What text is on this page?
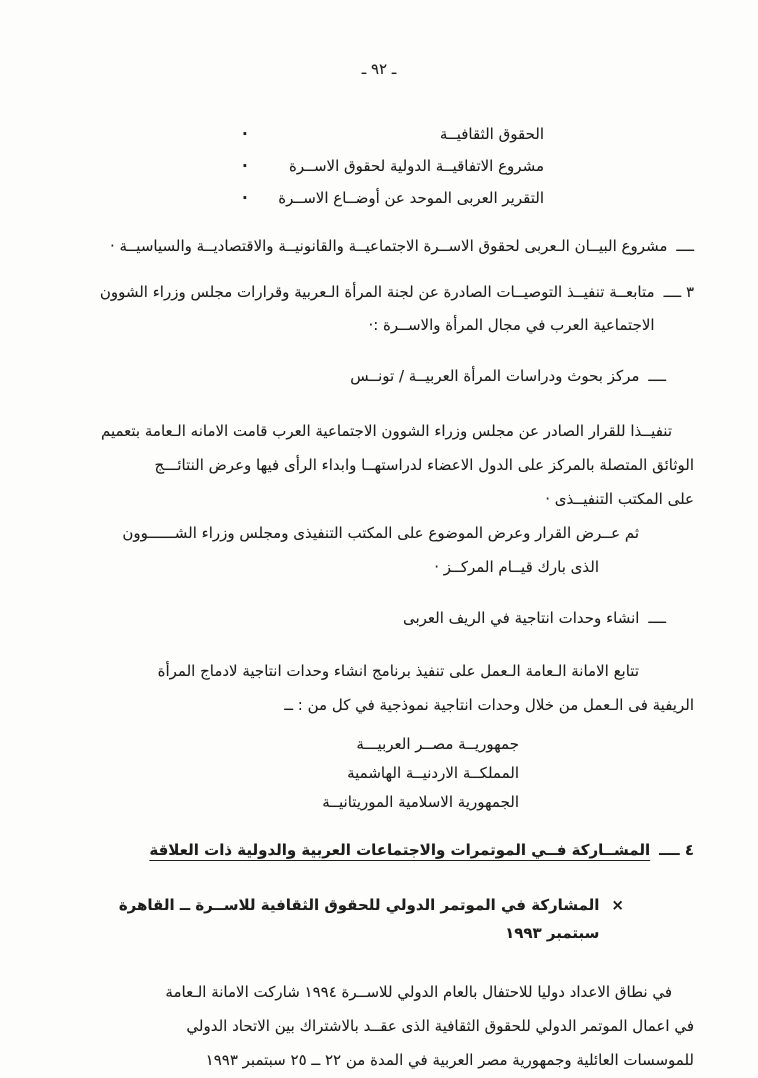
ـ ٩٢ ـ
الحقوق الثقافيــة
·
مشروع الاتفاقيــة الدولية لحقوق الاســرة
·
التقرير العربى الموحد عن أوضــاع الاســرة
·
ــــ
مشروع البيــان الـعربى لحقوق الاســرة الاجتماعيــة والقانونيــة والاقتصاديــة والسياسيــة ·
٣ ــــ
متابعــة تنفيــذ التوصيــات الصادرة عن لجنة المرأة الـعربية وقرارات مجلس وزراء الشوون
الاجتماعية العرب في مجال المرأة والاســرة :·
ــــ
مركز بحوث ودراسات المرأة العربيــة / تونــس
تنفيــذا للقرار الصادر عن مجلس وزراء الشوون الاجتماعية العرب قامت الامانه الـعامة بتعميم
الوثائق المتصلة بالمركز على الدول الاعضاء لدراستهــا وابداء الرأى فيها وعرض النتائـــج
على المكتب التنفيــذى ·
ثم عــرض القرار وعرض الموضوع على المكتب التنفيذى ومجلس وزراء الشــــــوون
الذى بارك قيــام المركــز ·
ــــ
انشاء وحدات انتاجية في الريف العربى
تتابع الامانة الـعامة الـعمل على تنفيذ برنامج انشاء وحدات انتاجية لادماج المرأة
الريفية فى الـعمل من خلال وحدات انتاجية نموذجية في كل من : ــ
جمهوريــة مصــر العربيـــة
المملكــة الاردنيــة الهاشمية
الجمهورية الاسلامية الموريتانيــة
٤ ــــ
المشــاركة فــي الموتمرات والاجتماعات العربية والدولية ذات العلاقة
×
المشاركة في الموتمر الدولي للحقوق الثقافية للاســرة ــ القاهرة سبتمبر ١٩٩٣
في نطاق الاعداد دوليا للاحتفال بالعام الدولي للاســرة ١٩٩٤ شاركت الامانة الـعامة
في اعمال الموتمر الدولي للحقوق الثقافية الذى عقــد بالاشتراك بين الاتحاد الدولي
للموسسات العائلية وجمهورية مصر العربية في المدة من ٢٢ ــ ٢٥ سبتمبر ١٩٩٣
